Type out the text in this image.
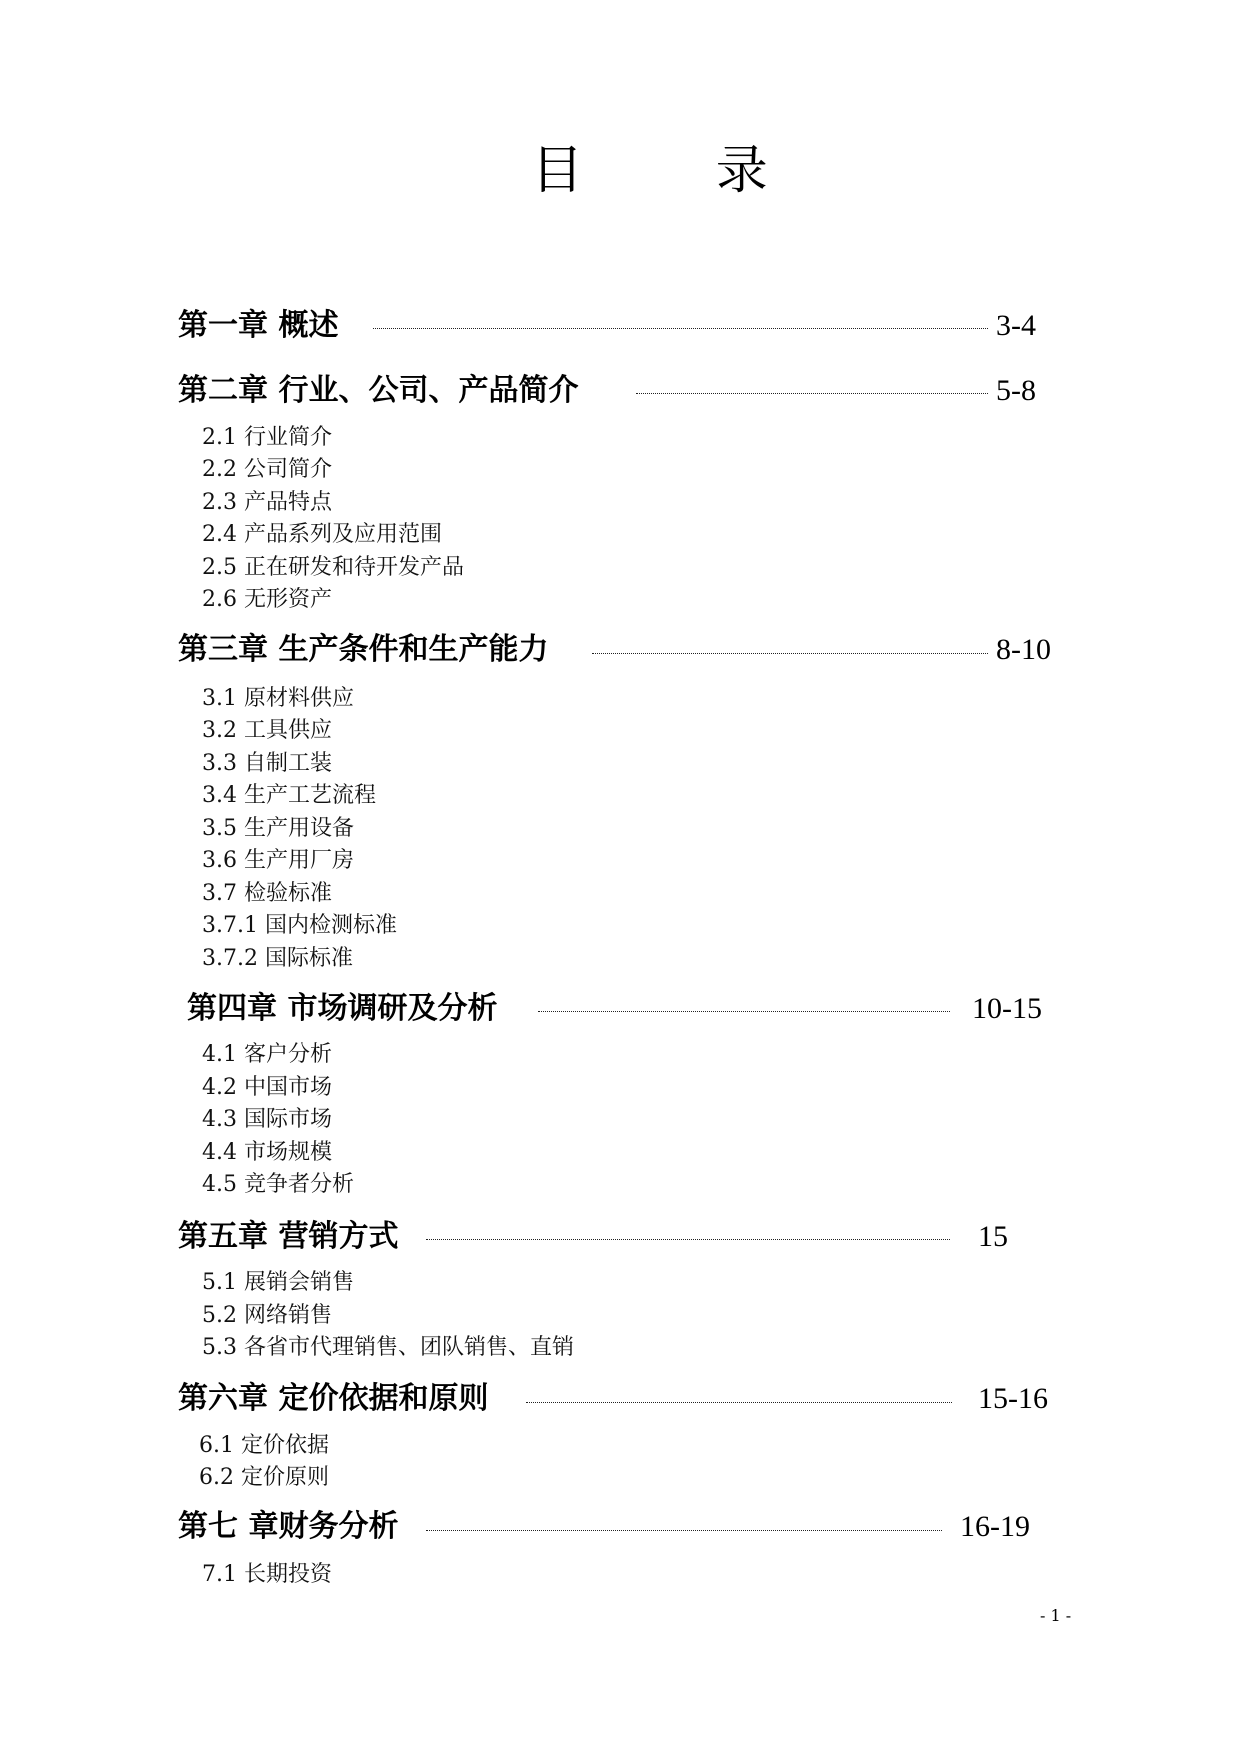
目 录
第一章 概述	3-4
第二章 行业、公司、产品简介	5-8
2.1 行业简介
2.2 公司简介
2.3 产品特点
2.4 产品系列及应用范围
2.5 正在研发和待开发产品
2.6 无形资产
第三章 生产条件和生产能力	8-10
3.1 原材料供应
3.2 工具供应
3.3 自制工装
3.4 生产工艺流程
3.5 生产用设备
3.6 生产用厂房
3.7 检验标准
3.7.1 国内检测标准
3.7.2 国际标准
第四章 市场调研及分析	10-15
4.1 客户分析
4.2 中国市场
4.3 国际市场
4.4 市场规模
4.5 竞争者分析
第五章 营销方式	15
5.1 展销会销售
5.2 网络销售
5.3 各省市代理销售、团队销售、直销
第六章 定价依据和原则	15-16
6.1 定价依据
6.2 定价原则
第七 章财务分析	16-19
7.1 长期投资
- 1 -
